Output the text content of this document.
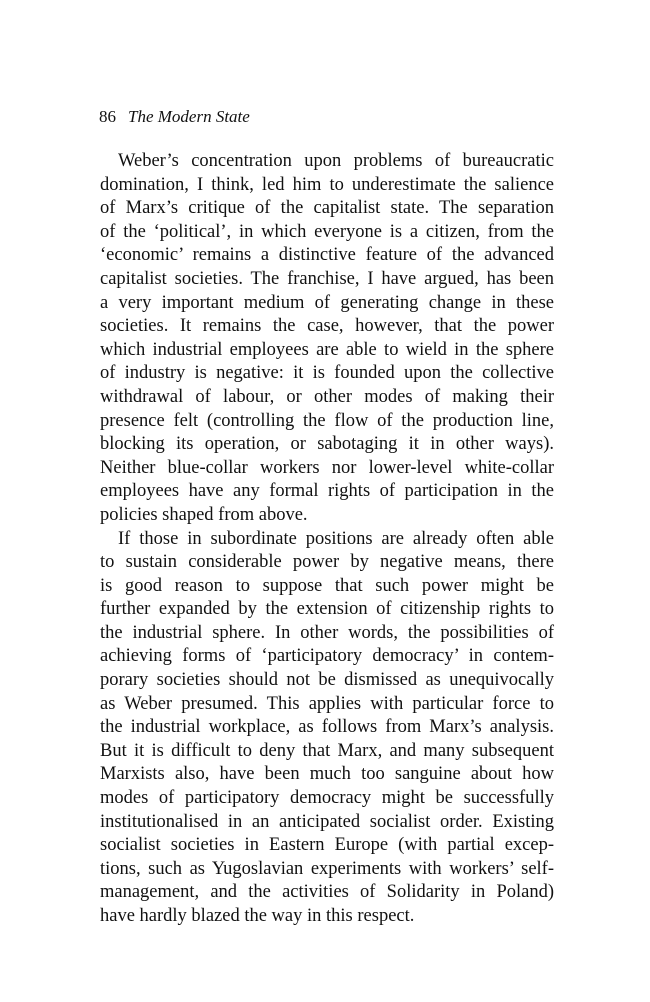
86 The Modern State

Weber’s concentration upon problems of bureaucratic
domination, I think, led him to underestimate the salience
of Marx’s critique of the capitalist state. The separation
of the ‘political’, in which everyone is a citizen, from the
‘economic’ remains a distinctive feature of the advanced
capitalist societies. The franchise, I have argued, has been
a very important medium of generating change in these
societies. It remains the case, however, that the power
which industrial employees are able to wield in the sphere
of industry is negative: it is founded upon the collective
withdrawal of labour, or other modes of making their
presence felt (controlling the flow of the production line,
blocking its operation, or sabotaging it in other ways).
Neither blue-collar workers nor lower-level white-collar
employees have any formal rights of participation in the
policies shaped from above.

If those in subordinate positions are already often able
to sustain considerable power by negative means, there
is good reason to suppose that such power might be
further expanded by the extension of citizenship rights to
the industrial sphere. In other words, the possibilities of
achieving forms of ‘participatory democracy’ in contem-
porary societies should not be dismissed as unequivocally
as Weber presumed. This applies with particular force to
the industrial workplace, as follows from Marx’s analysis.
But it is difficult to deny that Marx, and many subsequent
Marxists also, have been much too sanguine about how
modes of participatory democracy might be successfully
institutionalised in an anticipated socialist order. Existing
socialist societies in Eastern Europe (with partial excep-
tions, such as Yugoslavian experiments with workers’ self-
management, and the activities of Solidarity in Poland)
have hardly blazed the way in this respect.
